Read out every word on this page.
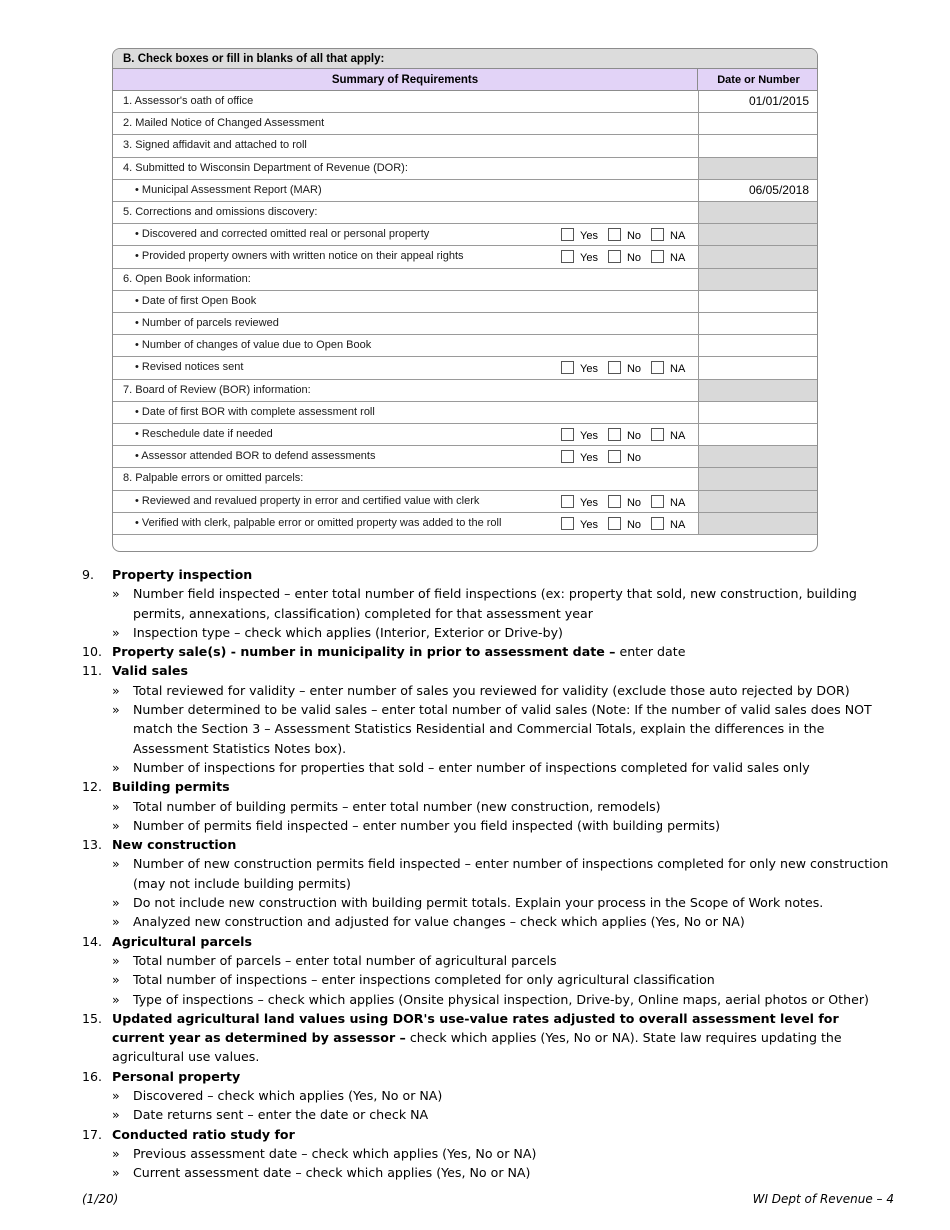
B. Check boxes or fill in blanks of all that apply:
Summary of Requirements	Date or Number
1. Assessor's oath of office	01/01/2015
2. Mailed Notice of Changed Assessment
3. Signed affidavit and attached to roll
4. Submitted to Wisconsin Department of Revenue (DOR):
• Municipal Assessment Report (MAR)	06/05/2018
5. Corrections and omissions discovery:
• Discovered and corrected omitted real or personal property	Yes	No	NA
• Provided property owners with written notice on their appeal rights	Yes	No	NA
6. Open Book information:
• Date of first Open Book
• Number of parcels reviewed
• Number of changes of value due to Open Book
• Revised notices sent	Yes	No	NA
7. Board of Review (BOR) information:
• Date of first BOR with complete assessment roll
• Reschedule date if needed	Yes	No	NA
• Assessor attended BOR to defend assessments	Yes	No
8. Palpable errors or omitted parcels:
• Reviewed and revalued property in error and certified value with clerk	Yes	No	NA
• Verified with clerk, palpable error or omitted property was added to the roll	Yes	No	NA
9. Property inspection
» Number field inspected – enter total number of field inspections (ex: property that sold, new construction, building permits, annexations, classification) completed for that assessment year
» Inspection type – check which applies (Interior, Exterior or Drive-by)
10. Property sale(s) - number in municipality in prior to assessment date – enter date
11. Valid sales
» Total reviewed for validity – enter number of sales you reviewed for validity (exclude those auto rejected by DOR)
» Number determined to be valid sales – enter total number of valid sales (Note: If the number of valid sales does NOT match the Section 3 – Assessment Statistics Residential and Commercial Totals, explain the differences in the Assessment Statistics Notes box).
» Number of inspections for properties that sold – enter number of inspections completed for valid sales only
12. Building permits
» Total number of building permits – enter total number (new construction, remodels)
» Number of permits field inspected – enter number you field inspected (with building permits)
13. New construction
» Number of new construction permits field inspected – enter number of inspections completed for only new construction (may not include building permits)
» Do not include new construction with building permit totals. Explain your process in the Scope of Work notes.
» Analyzed new construction and adjusted for value changes – check which applies (Yes, No or NA)
14. Agricultural parcels
» Total number of parcels – enter total number of agricultural parcels
» Total number of inspections – enter inspections completed for only agricultural classification
» Type of inspections – check which applies (Onsite physical inspection, Drive-by, Online maps, aerial photos or Other)
15. Updated agricultural land values using DOR's use-value rates adjusted to overall assessment level for current year as determined by assessor – check which applies (Yes, No or NA). State law requires updating the agricultural use values.
16. Personal property
» Discovered – check which applies (Yes, No or NA)
» Date returns sent – enter the date or check NA
17. Conducted ratio study for
» Previous assessment date – check which applies (Yes, No or NA)
» Current assessment date – check which applies (Yes, No or NA)
(1/20)	WI Dept of Revenue – 4
